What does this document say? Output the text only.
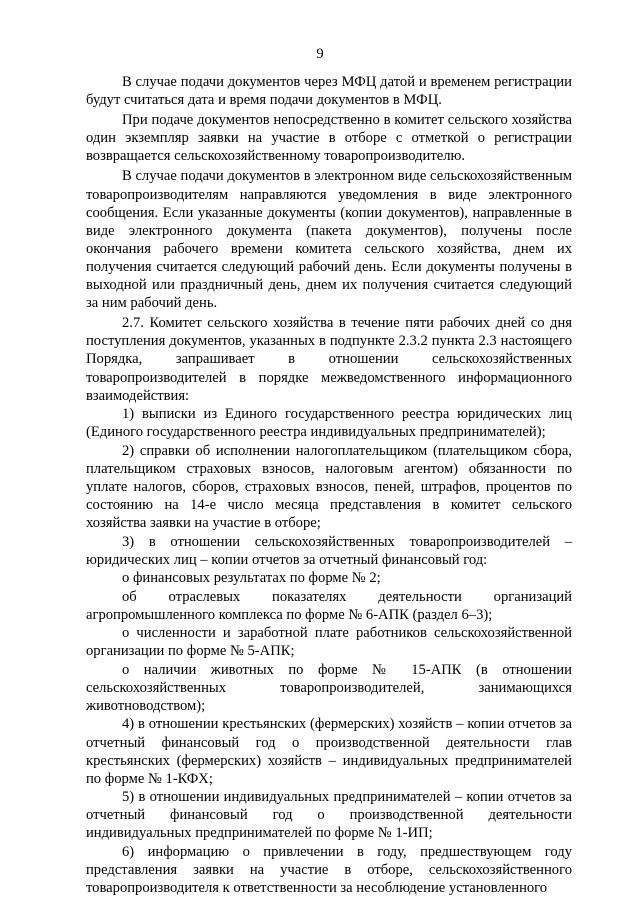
9

В случае подачи документов через МФЦ датой и временем регистрации будут считаться дата и время подачи документов в МФЦ.

При подаче документов непосредственно в комитет сельского хозяйства один экземпляр заявки на участие в отборе с отметкой о регистрации возвращается сельскохозяйственному товаропроизводителю.

В случае подачи документов в электронном виде сельскохозяйственным товаропроизводителям направляются уведомления в виде электронного сообщения. Если указанные документы (копии документов), направленные в виде электронного документа (пакета документов), получены после окончания рабочего времени комитета сельского хозяйства, днем их получения считается следующий рабочий день. Если документы получены в выходной или праздничный день, днем их получения считается следующий за ним рабочий день.

2.7. Комитет сельского хозяйства в течение пяти рабочих дней со дня поступления документов, указанных в подпункте 2.3.2 пункта 2.3 настоящего Порядка, запрашивает в отношении сельскохозяйственных товаропроизводителей в порядке межведомственного информационного взаимодействия:

1) выписки из Единого государственного реестра юридических лиц (Единого государственного реестра индивидуальных предпринимателей);

2) справки об исполнении налогоплательщиком (плательщиком сбора, плательщиком страховых взносов, налоговым агентом) обязанности по уплате налогов, сборов, страховых взносов, пеней, штрафов, процентов по состоянию на 14-е число месяца представления в комитет сельского хозяйства заявки на участие в отборе;

3) в отношении сельскохозяйственных товаропроизводителей – юридических лиц – копии отчетов за отчетный финансовый год:

о финансовых результатах по форме № 2;

об отраслевых показателях деятельности организаций агропромышленного комплекса по форме № 6-АПК (раздел 6–3);

о численности и заработной плате работников сельскохозяйственной организации по форме № 5-АПК;

о наличии животных по форме № 15-АПК (в отношении сельскохозяйственных товаропроизводителей, занимающихся животноводством);

4) в отношении крестьянских (фермерских) хозяйств – копии отчетов за отчетный финансовый год о производственной деятельности глав крестьянских (фермерских) хозяйств – индивидуальных предпринимателей по форме № 1-КФХ;

5) в отношении индивидуальных предпринимателей – копии отчетов за отчетный финансовый год о производственной деятельности индивидуальных предпринимателей по форме № 1-ИП;

6) информацию о привлечении в году, предшествующем году представления заявки на участие в отборе, сельскохозяйственного товаропроизводителя к ответственности за несоблюдение установленного
